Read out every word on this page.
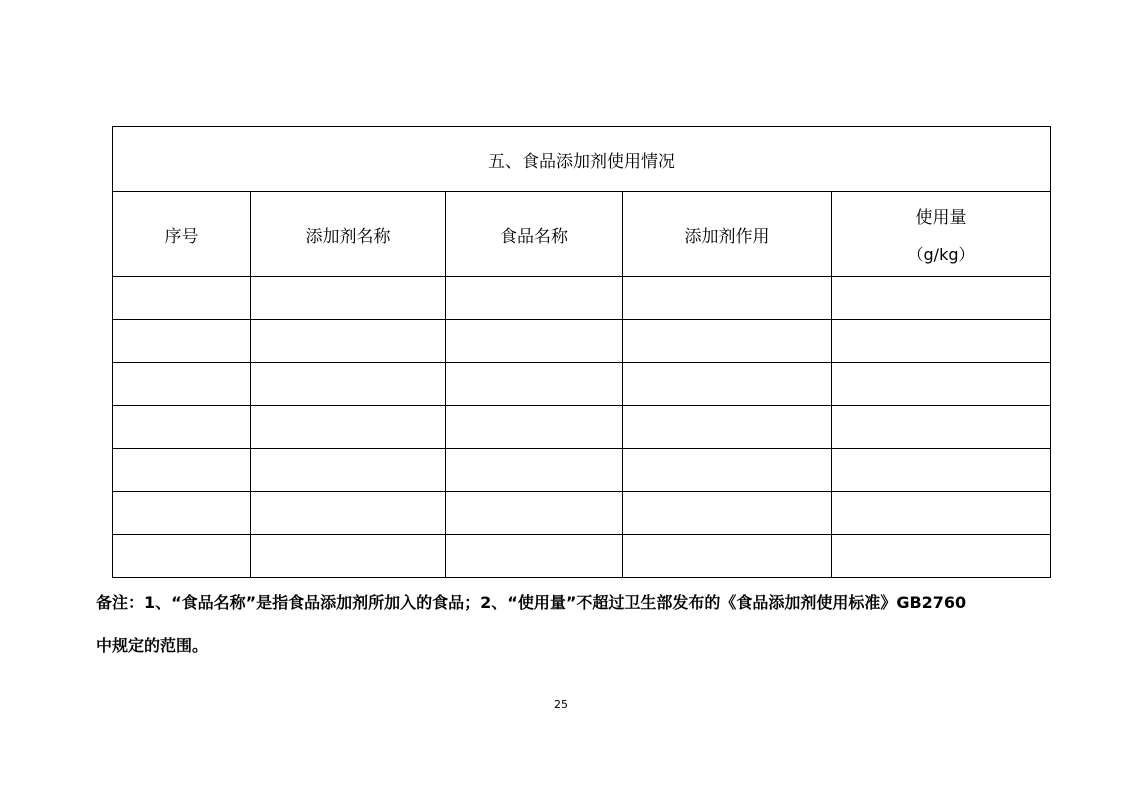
五、食品添加剂使用情况				
序号	添加剂名称	食品名称	添加剂作用	使用量
（g/kg）

备注：1、“食品名称”是指食品添加剂所加入的食品；2、“使用量”不超过卫生部发布的《食品添加剂使用标准》GB2760
中规定的范围。

25
